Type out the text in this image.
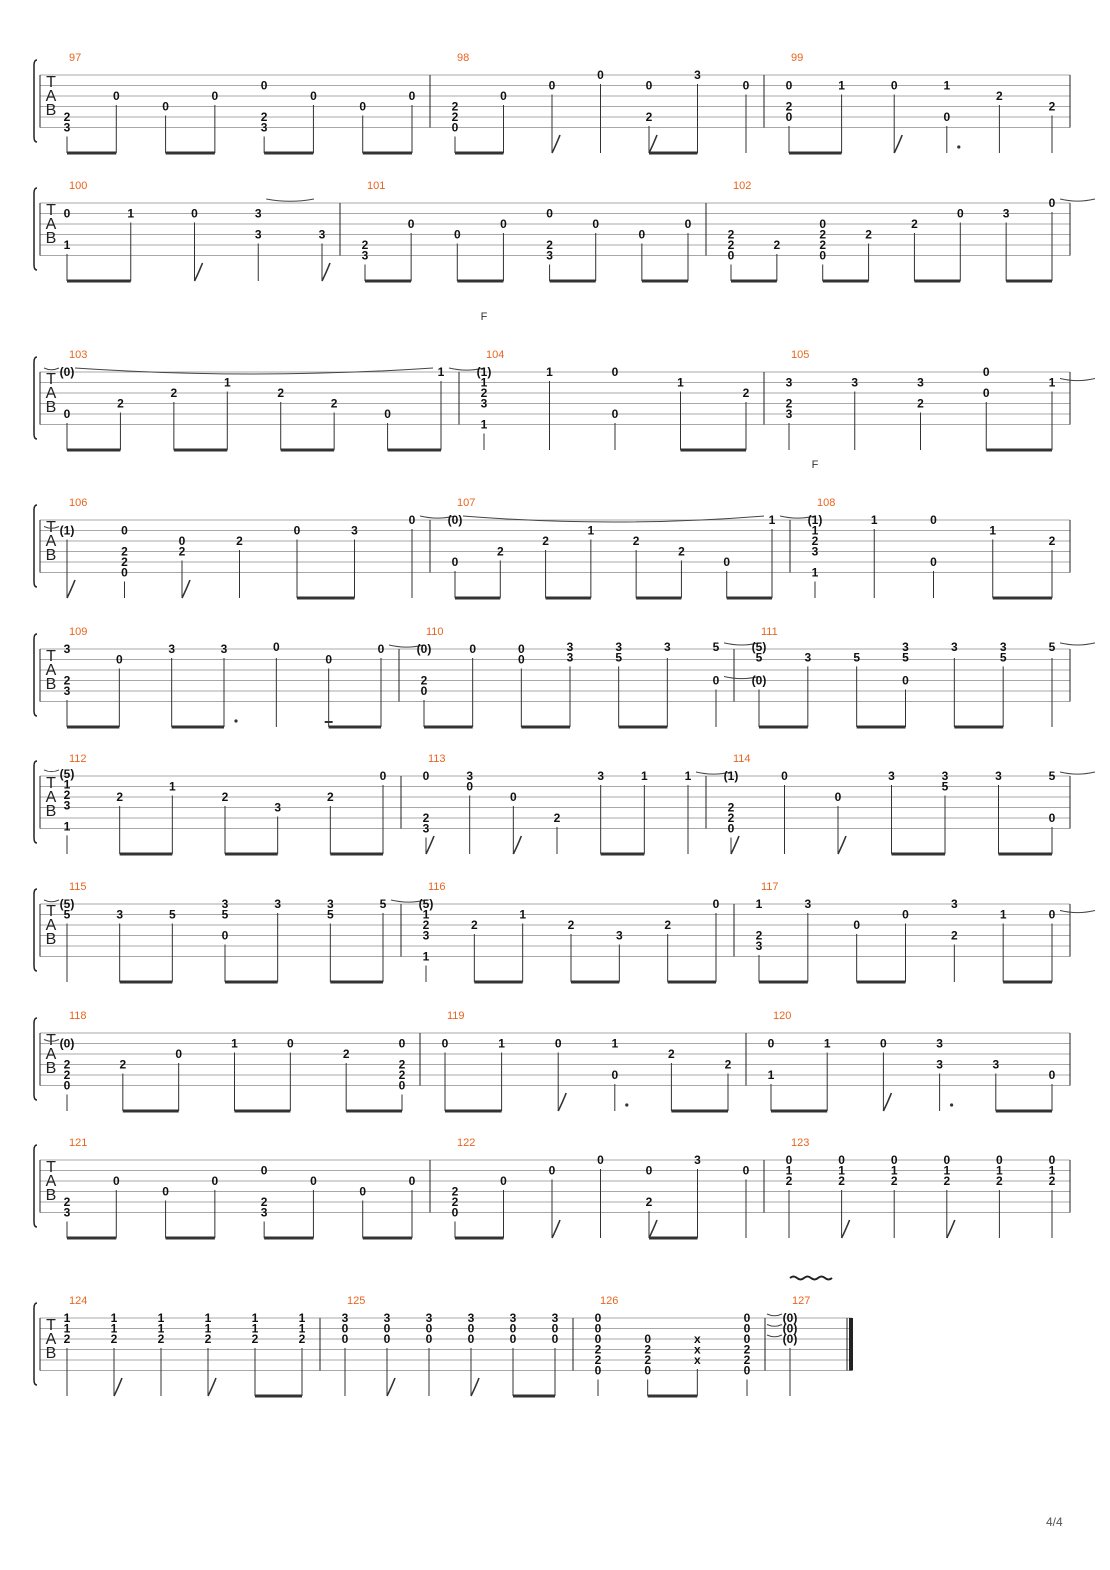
T
A
B
97
2
3
0
0
0
0
2
3
0
0
0
98
2
2
0
0
0
0
0
2
3
0
99
0
2
0
1	0	1
0
2
2
T
A
B
100
0
1
1	0	3
3	3
101
2
3
0
0
0
0
2
3
0
0
0
102
2
2
0
2
0
2
2
0
2
2
0	3
0
T
A
B
103
(0)
0
2
2
1
2
2
0
1
104
F
(1)
1
2
3
1
1	0
0
1
2
105
3
2
3
3	3
2
0
0
1
T
A
B
106
(1)	0
2
2
0
0
2
2
0	3
0
107
(0)
0
2
2
1
2
2
0
1
108
F
(1)
1
2
3
1
1	0
0
1
2
T
A
B
109
3
2
3
0
3	3	0
0
0
110
(0)
2
0
0	0
0
3
3
3
5
3	5
0
111
(5)
5
(0)
3	5
3
5
0
3	3
5
5
T
A
B
112
(5)
1
2
3
1
2
1
2
3
2
0
113
0
2
3
3
0
0
2
3	1	1
114
(1)
2
2
0
0
0
3	3
5
3	5
0
T
A
B
115
(5)
5	3	5
3
5
0
3	3
5
5
116
(5)
1
2
3
1
2
1
2
3
2
0
117
1
2
3
3
0
0
3
2
1	0
T
A
B
118
(0)
2
2
0
2
0
1	0
2
0
2
2
0
119
0	1	0	1
0
2
2
120
0
1
1	0	3
3	3
0
T
A
B
121
2
3
0
0
0
0
2
3
0
0
0
122
2
2
0
0
0
0
0
2
3
0
123
0
1
2
0
1
2
0
1
2
0
1
2
0
1
2
0
1
2
T
A
B
124
1
1
2
1
1
2
1
1
2
1
1
2
1
1
2
1
1
2
125
3
0
0
3
0
0
3
0
0
3
0
0
3
0
0
3
0
0
126
0
0
0
2
2
0
0
2
2
0
x
x
x
0
0
0
2
2
0
127
(0)
(0)
(0)
4/4
